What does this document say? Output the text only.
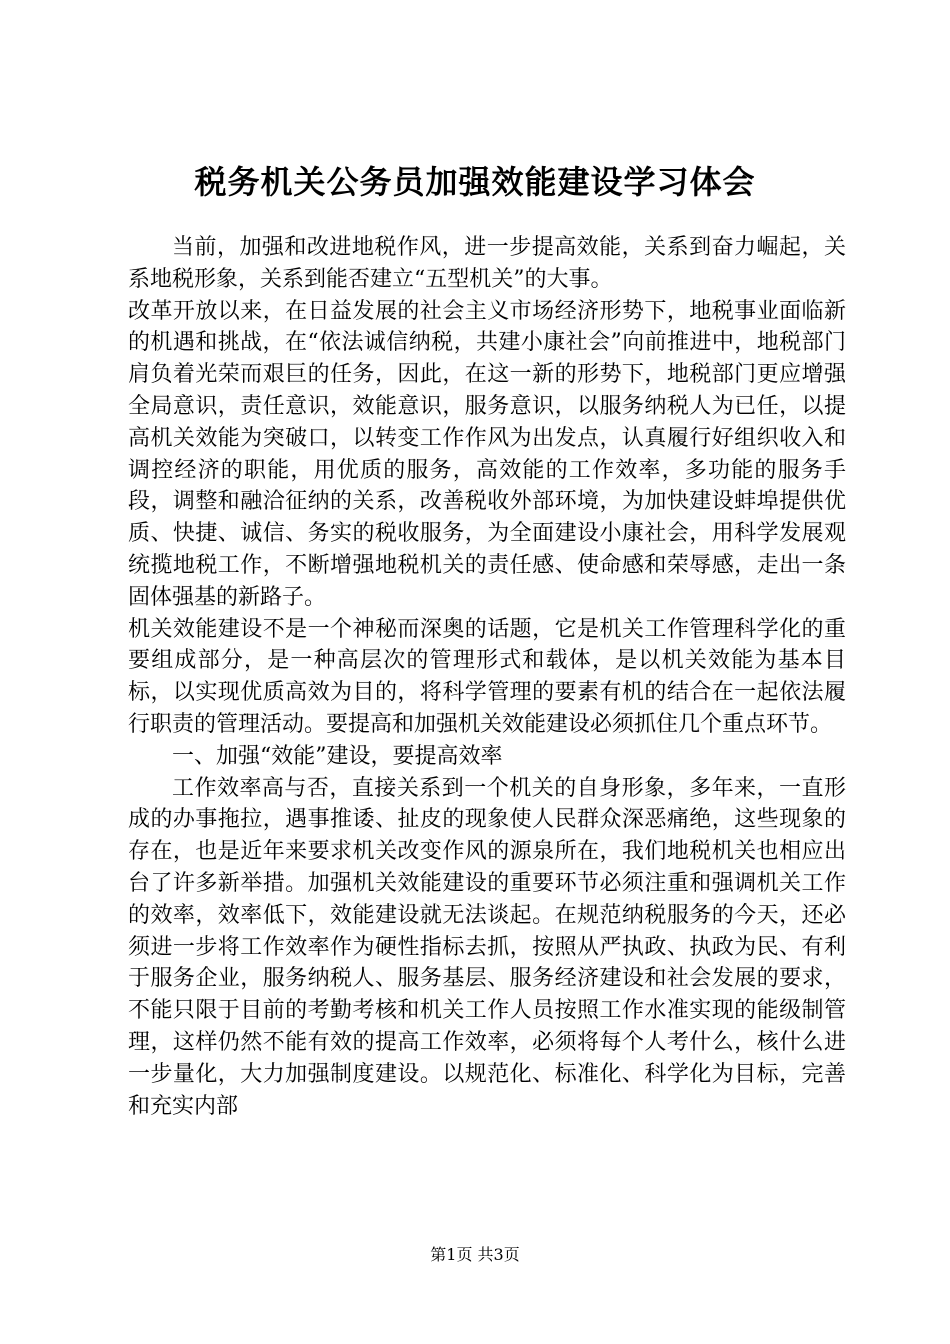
税务机关公务员加强效能建设学习体会

当前，加强和改进地税作风，进一步提高效能，关系到奋力崛起，关系地税形象，关系到能否建立“五型机关”的大事。

改革开放以来，在日益发展的社会主义市场经济形势下，地税事业面临新的机遇和挑战，在“依法诚信纳税，共建小康社会”向前推进中，地税部门肩负着光荣而艰巨的任务，因此，在这一新的形势下，地税部门更应增强全局意识，责任意识，效能意识，服务意识，以服务纳税人为已任，以提高机关效能为突破口，以转变工作作风为出发点，认真履行好组织收入和调控经济的职能，用优质的服务，高效能的工作效率，多功能的服务手段，调整和融洽征纳的关系，改善税收外部环境，为加快建设蚌埠提供优质、快捷、诚信、务实的税收服务，为全面建设小康社会，用科学发展观统揽地税工作，不断增强地税机关的责任感、使命感和荣辱感，走出一条固体强基的新路子。

机关效能建设不是一个神秘而深奥的话题，它是机关工作管理科学化的重要组成部分，是一种高层次的管理形式和载体，是以机关效能为基本目标，以实现优质高效为目的，将科学管理的要素有机的结合在一起依法履行职责的管理活动。要提高和加强机关效能建设必须抓住几个重点环节。

一、加强“效能”建设，要提高效率

工作效率高与否，直接关系到一个机关的自身形象，多年来，一直形成的办事拖拉，遇事推诿、扯皮的现象使人民群众深恶痛绝，这些现象的存在，也是近年来要求机关改变作风的源泉所在，我们地税机关也相应出台了许多新举措。加强机关效能建设的重要环节必须注重和强调机关工作的效率，效率低下，效能建设就无法谈起。在规范纳税服务的今天，还必须进一步将工作效率作为硬性指标去抓，按照从严执政、执政为民、有利于服务企业，服务纳税人、服务基层、服务经济建设和社会发展的要求，不能只限于目前的考勤考核和机关工作人员按照工作水准实现的能级制管理，这样仍然不能有效的提高工作效率，必须将每个人考什么，核什么进一步量化，大力加强制度建设。以规范化、标准化、科学化为目标，完善和充实内部

第1页 共3页
